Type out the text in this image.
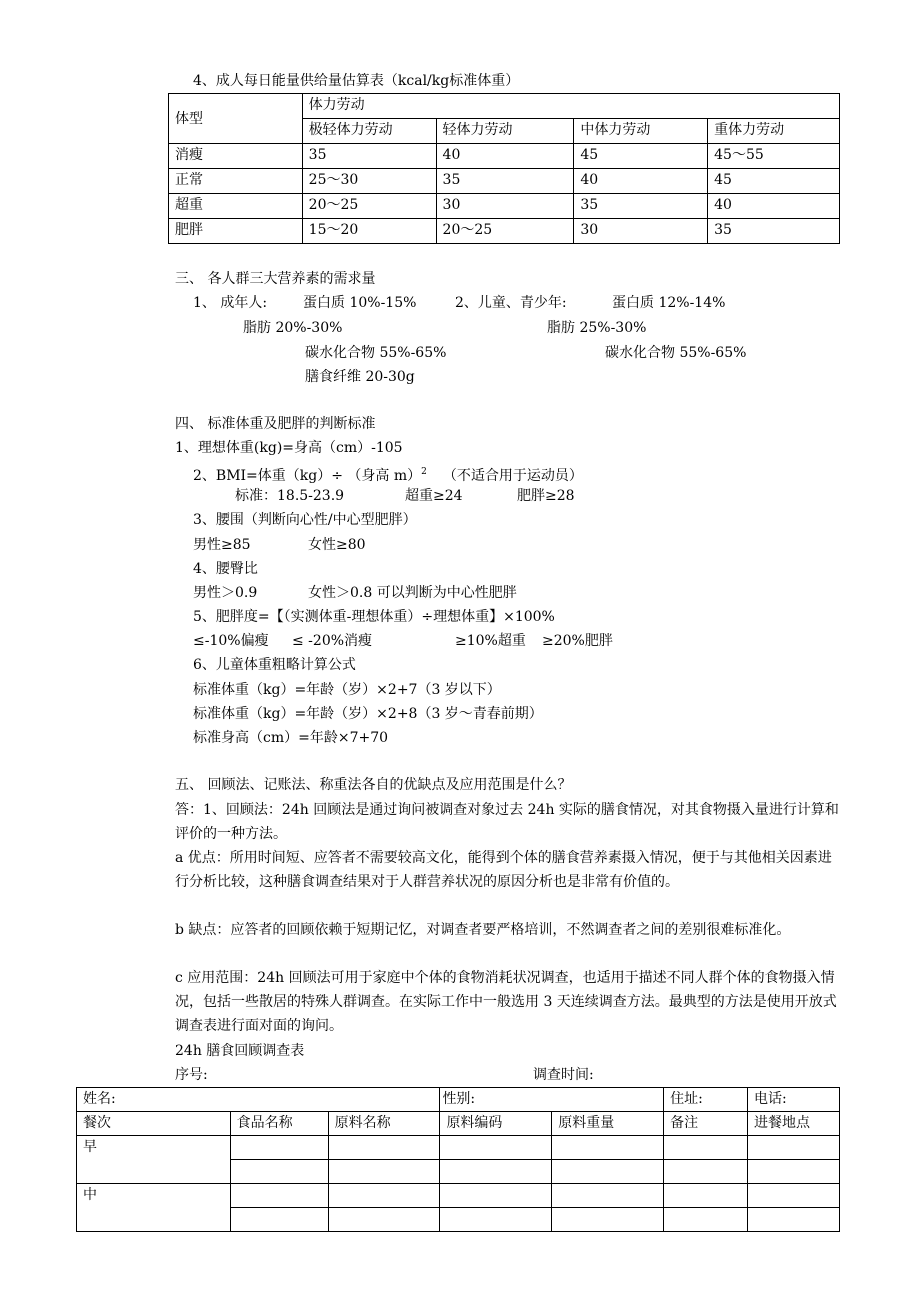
4、成人每日能量供给量估算表（kcal/kg标准体重）
体型	体力劳动			
	极轻体力劳动	轻体力劳动	中体力劳动	重体力劳动
消瘦	35	40	45	45～55
正常	25～30	35	40	45
超重	20～25	30	35	40
肥胖	15～20	20～25	30	35
三、 各人群三大营养素的需求量
1、 成年人:	蛋白质 10%-15%	2、儿童、青少年:	蛋白质 12%-14%
脂肪 20%-30%	脂肪 25%-30%
碳水化合物 55%-65%	碳水化合物 55%-65%
膳食纤维 20-30g
四、 标准体重及肥胖的判断标准
1、理想体重(kg)=身高（cm）-105
2、BMI=体重（kg）÷ （身高 m）$^2$ （不适合用于运动员）
标准：18.5-23.9	超重≥24	肥胖≥28
3、腰围（判断向心性/中心型肥胖）
男性≥85	女性≥80
4、腰臀比
男性＞0.9	女性＞0.8 可以判断为中心性肥胖
5、肥胖度=【（实测体重-理想体重）÷理想体重】×100%
≤-10%偏瘦 ≤ -20%消瘦	≥10%超重 ≥20%肥胖
6、儿童体重粗略计算公式
标准体重（kg）=年龄（岁）×2+7（3 岁以下）
标准体重（kg）=年龄（岁）×2+8（3 岁～青春前期）
标准身高（cm）=年龄×7+70
五、 回顾法、记账法、称重法各自的优缺点及应用范围是什么？
答：1、回顾法：24h 回顾法是通过询问被调查对象过去 24h 实际的膳食情况，对其食物摄入量进行计算和评价的一种方法。
a 优点：所用时间短、应答者不需要较高文化，能得到个体的膳食营养素摄入情况，便于与其他相关因素进行分析比较，这种膳食调查结果对于人群营养状况的原因分析也是非常有价值的。
b 缺点：应答者的回顾依赖于短期记忆，对调查者要严格培训，不然调查者之间的差别很难标准化。
c 应用范围：24h 回顾法可用于家庭中个体的食物消耗状况调查，也适用于描述不同人群个体的食物摄入情况，包括一些散居的特殊人群调查。在实际工作中一般选用 3 天连续调查方法。最典型的方法是使用开放式调查表进行面对面的询问。
24h 膳食回顾调查表
序号:	调查时间:
姓名:			性别:		住址:	电话:
餐次	食品名称	原料名称	原料编码	原料重量	备注	进餐地点
早						

中						
